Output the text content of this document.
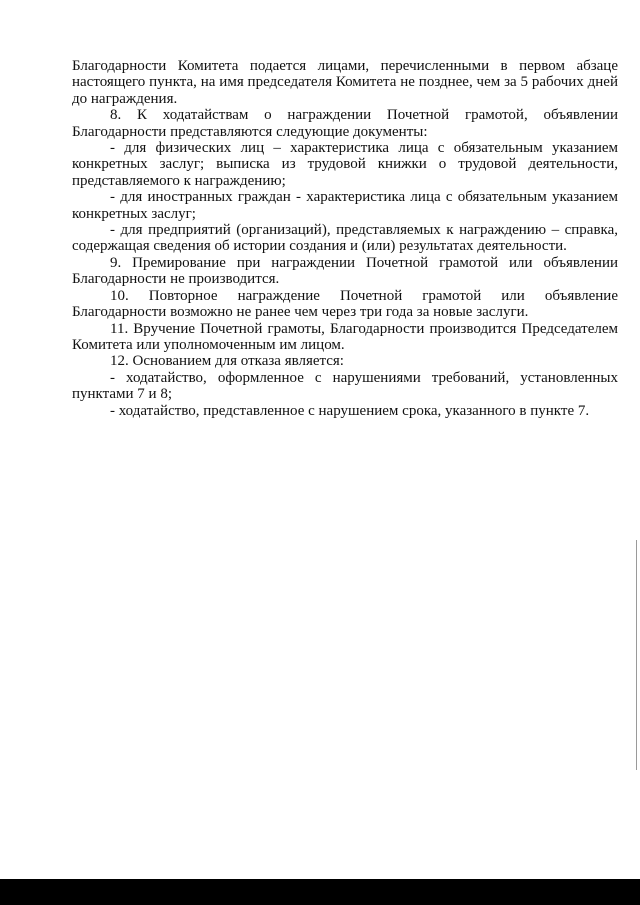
Благодарности Комитета подается лицами, перечисленными в первом абзаце настоящего пункта, на имя председателя Комитета не позднее, чем за 5 рабочих дней до награждения.

8. К ходатайствам о награждении Почетной грамотой, объявлении Благодарности представляются следующие документы:

- для физических лиц – характеристика лица с обязательным указанием конкретных заслуг; выписка из трудовой книжки о трудовой деятельности, представляемого к награждению;

- для иностранных граждан - характеристика лица с обязательным указанием конкретных заслуг;

- для предприятий (организаций), представляемых к награждению – справка, содержащая сведения об истории создания и (или) результатах деятельности.

9. Премирование при награждении Почетной грамотой или объявлении Благодарности не производится.

10. Повторное награждение Почетной грамотой или объявление Благодарности возможно не ранее чем через три года за новые заслуги.

11. Вручение Почетной грамоты, Благодарности производится Председателем Комитета или уполномоченным им лицом.

12. Основанием для отказа является:

- ходатайство, оформленное с нарушениями требований, установленных пунктами 7 и 8;

- ходатайство, представленное с нарушением срока, указанного в пункте 7.
